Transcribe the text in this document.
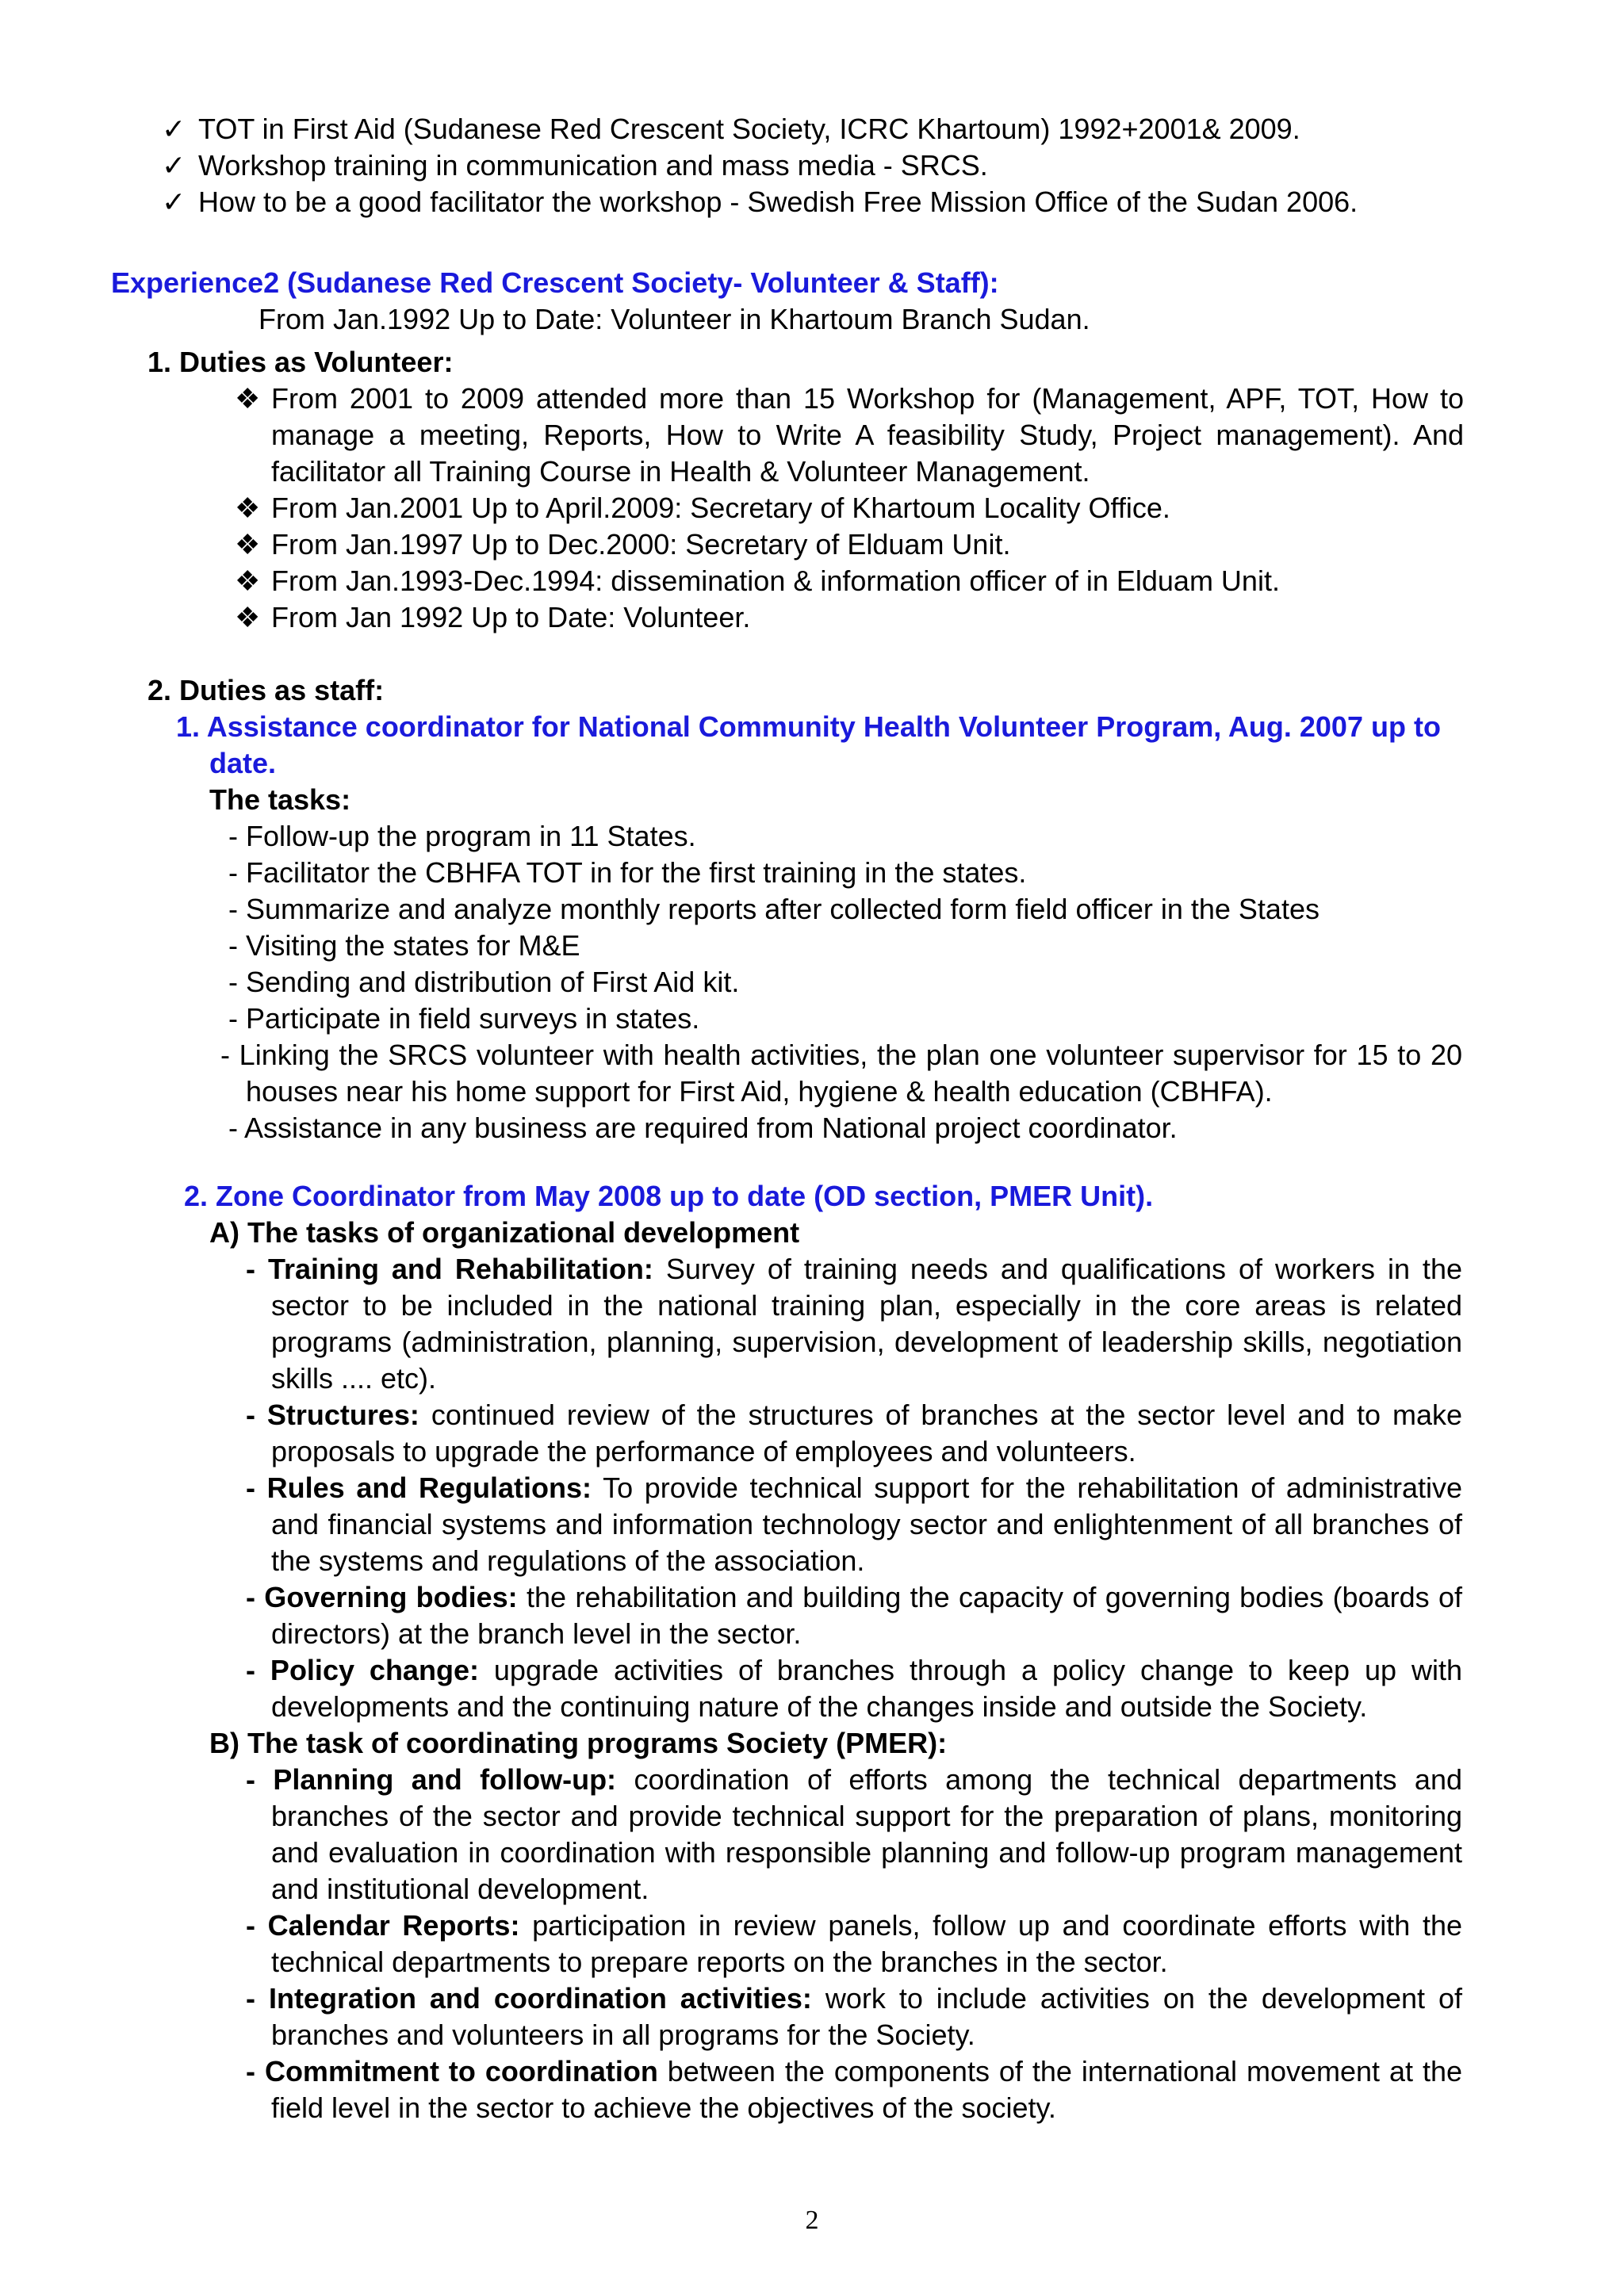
✓ TOT in First Aid (Sudanese Red Crescent Society, ICRC Khartoum) 1992+2001& 2009.
✓ Workshop training in communication and mass media - SRCS.
✓ How to be a good facilitator the workshop - Swedish Free Mission Office of the Sudan 2006.
Experience2 (Sudanese Red Crescent Society- Volunteer & Staff):
From Jan.1992 Up to Date: Volunteer in Khartoum Branch Sudan.
1. Duties as Volunteer:
❖ From 2001 to 2009 attended more than 15 Workshop for (Management, APF, TOT, How to manage a meeting, Reports, How to Write A feasibility Study, Project management). And facilitator all Training Course in Health & Volunteer Management.
❖ From Jan.2001 Up to April.2009: Secretary of Khartoum Locality Office.
❖ From Jan.1997 Up to Dec.2000: Secretary of Elduam Unit.
❖ From Jan.1993-Dec.1994: dissemination & information officer of in Elduam Unit.
❖ From Jan 1992 Up to Date: Volunteer.
2. Duties as staff:
1. Assistance coordinator for National Community Health Volunteer Program, Aug. 2007 up to date.
The tasks:
- Follow-up the program in 11 States.
- Facilitator the CBHFA TOT in for the first training in the states.
- Summarize and analyze monthly reports after collected form field officer in the States
- Visiting the states for M&E
- Sending and distribution of First Aid kit.
- Participate in field surveys in states.
- Linking the SRCS volunteer with health activities, the plan one volunteer supervisor for 15 to 20 houses near his home support for First Aid, hygiene & health education (CBHFA).
- Assistance in any business are required from National project coordinator.
2. Zone Coordinator from May 2008 up to date (OD section, PMER Unit).
A) The tasks of organizational development
- Training and Rehabilitation: Survey of training needs and qualifications of workers in the sector to be included in the national training plan, especially in the core areas is related programs (administration, planning, supervision, development of leadership skills, negotiation skills .... etc).
- Structures: continued review of the structures of branches at the sector level and to make proposals to upgrade the performance of employees and volunteers.
- Rules and Regulations: To provide technical support for the rehabilitation of administrative and financial systems and information technology sector and enlightenment of all branches of the systems and regulations of the association.
- Governing bodies: the rehabilitation and building the capacity of governing bodies (boards of directors) at the branch level in the sector.
- Policy change: upgrade activities of branches through a policy change to keep up with developments and the continuing nature of the changes inside and outside the Society.
B) The task of coordinating programs Society (PMER):
- Planning and follow-up: coordination of efforts among the technical departments and branches of the sector and provide technical support for the preparation of plans, monitoring and evaluation in coordination with responsible planning and follow-up program management and institutional development.
- Calendar Reports: participation in review panels, follow up and coordinate efforts with the technical departments to prepare reports on the branches in the sector.
- Integration and coordination activities: work to include activities on the development of branches and volunteers in all programs for the Society.
- Commitment to coordination between the components of the international movement at the field level in the sector to achieve the objectives of the society.
2
